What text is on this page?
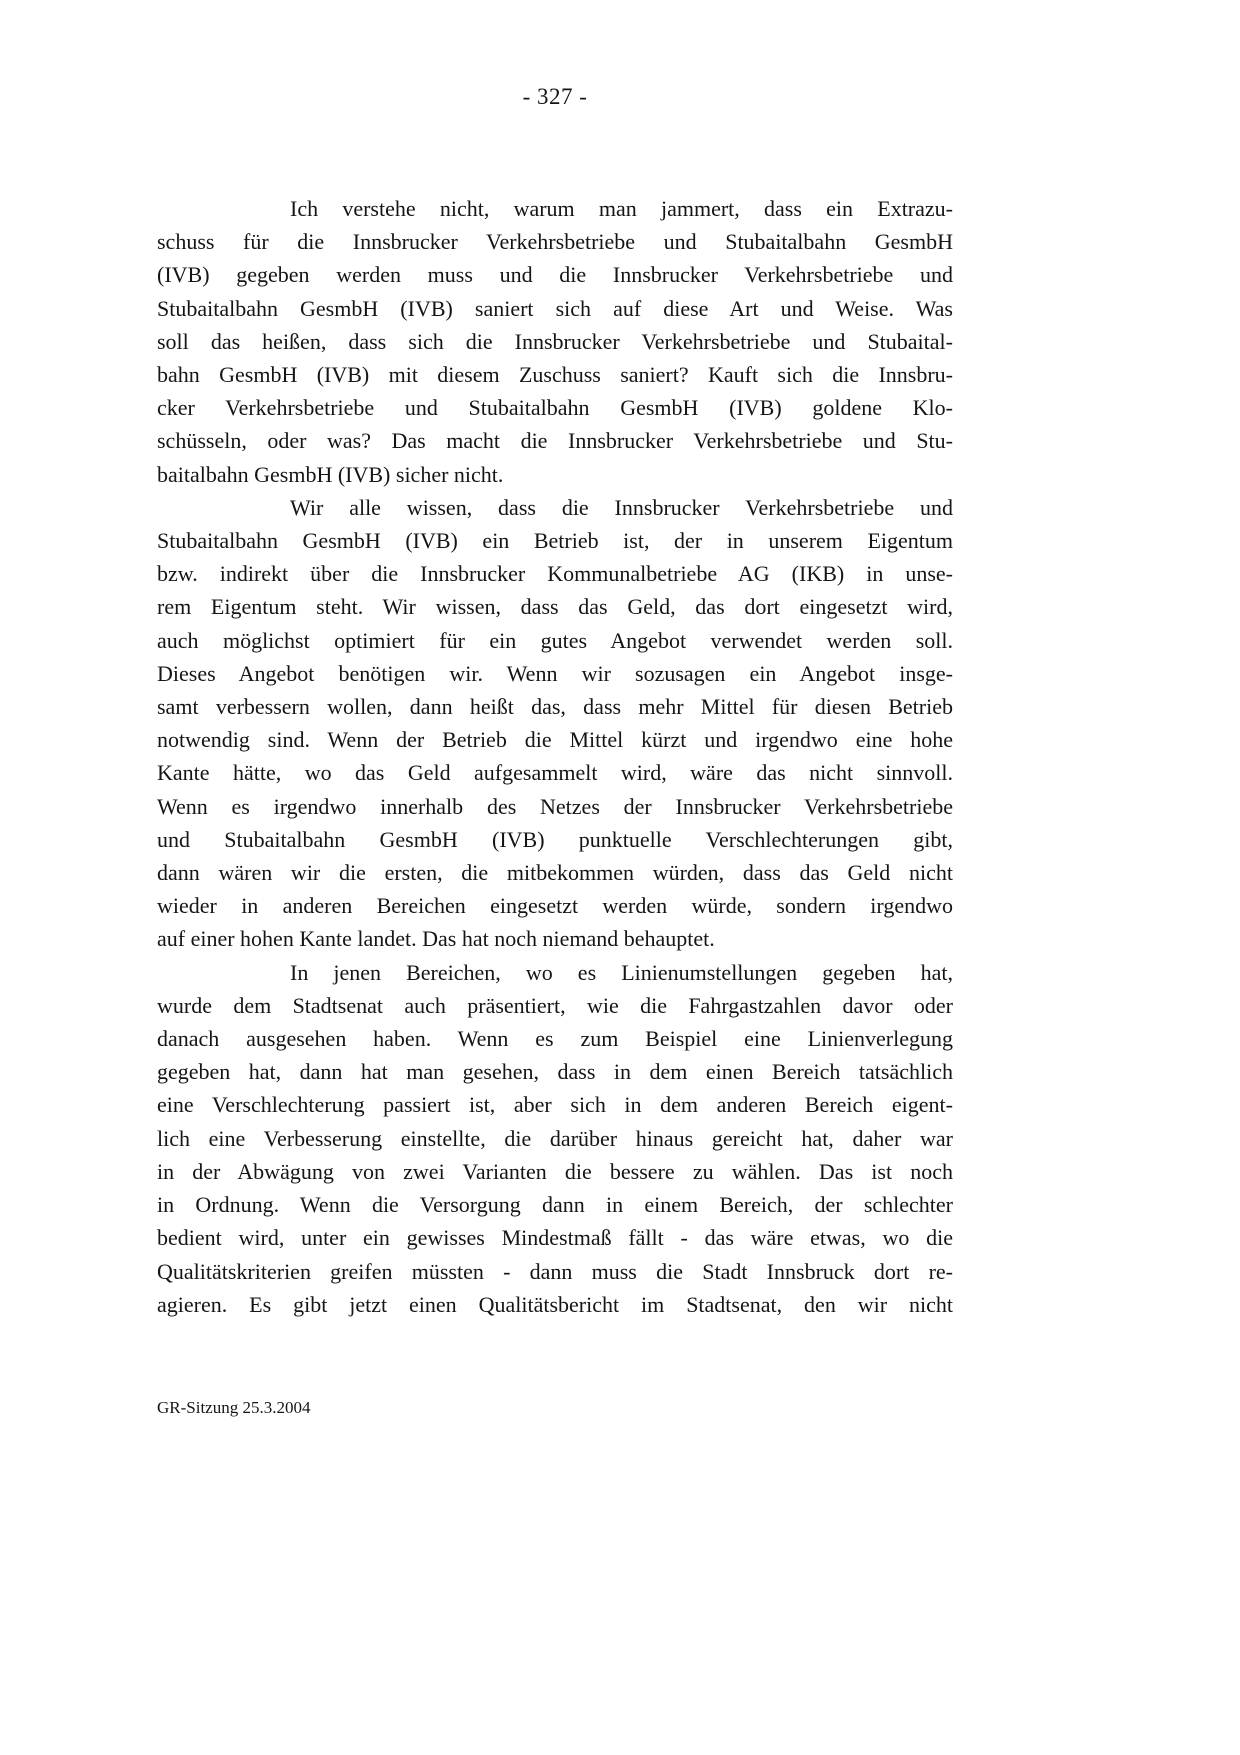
- 327 -
Ich verstehe nicht, warum man jammert, dass ein Extrazu-
schuss für die Innsbrucker Verkehrsbetriebe und Stubaitalbahn GesmbH
(IVB) gegeben werden muss und die Innsbrucker Verkehrsbetriebe und
Stubaitalbahn GesmbH (IVB) saniert sich auf diese Art und Weise. Was
soll das heißen, dass sich die Innsbrucker Verkehrsbetriebe und Stubaital-
bahn GesmbH (IVB) mit diesem Zuschuss saniert? Kauft sich die Innsbru-
cker Verkehrsbetriebe und Stubaitalbahn GesmbH (IVB) goldene Klo-
schüsseln, oder was? Das macht die Innsbrucker Verkehrsbetriebe und Stu-
baitalbahn GesmbH (IVB) sicher nicht.
Wir alle wissen, dass die Innsbrucker Verkehrsbetriebe und
Stubaitalbahn GesmbH (IVB) ein Betrieb ist, der in unserem Eigentum
bzw. indirekt über die Innsbrucker Kommunalbetriebe AG (IKB) in unse-
rem Eigentum steht. Wir wissen, dass das Geld, das dort eingesetzt wird,
auch möglichst optimiert für ein gutes Angebot verwendet werden soll.
Dieses Angebot benötigen wir. Wenn wir sozusagen ein Angebot insge-
samt verbessern wollen, dann heißt das, dass mehr Mittel für diesen Betrieb
notwendig sind. Wenn der Betrieb die Mittel kürzt und irgendwo eine hohe
Kante hätte, wo das Geld aufgesammelt wird, wäre das nicht sinnvoll.
Wenn es irgendwo innerhalb des Netzes der Innsbrucker Verkehrsbetriebe
und Stubaitalbahn GesmbH (IVB) punktuelle Verschlechterungen gibt,
dann wären wir die ersten, die mitbekommen würden, dass das Geld nicht
wieder in anderen Bereichen eingesetzt werden würde, sondern irgendwo
auf einer hohen Kante landet. Das hat noch niemand behauptet.
In jenen Bereichen, wo es Linienumstellungen gegeben hat,
wurde dem Stadtsenat auch präsentiert, wie die Fahrgastzahlen davor oder
danach ausgesehen haben. Wenn es zum Beispiel eine Linienverlegung
gegeben hat, dann hat man gesehen, dass in dem einen Bereich tatsächlich
eine Verschlechterung passiert ist, aber sich in dem anderen Bereich eigent-
lich eine Verbesserung einstellte, die darüber hinaus gereicht hat, daher war
in der Abwägung von zwei Varianten die bessere zu wählen. Das ist noch
in Ordnung. Wenn die Versorgung dann in einem Bereich, der schlechter
bedient wird, unter ein gewisses Mindestmaß fällt - das wäre etwas, wo die
Qualitätskriterien greifen müssten - dann muss die Stadt Innsbruck dort re-
agieren. Es gibt jetzt einen Qualitätsbericht im Stadtsenat, den wir nicht
GR-Sitzung 25.3.2004
